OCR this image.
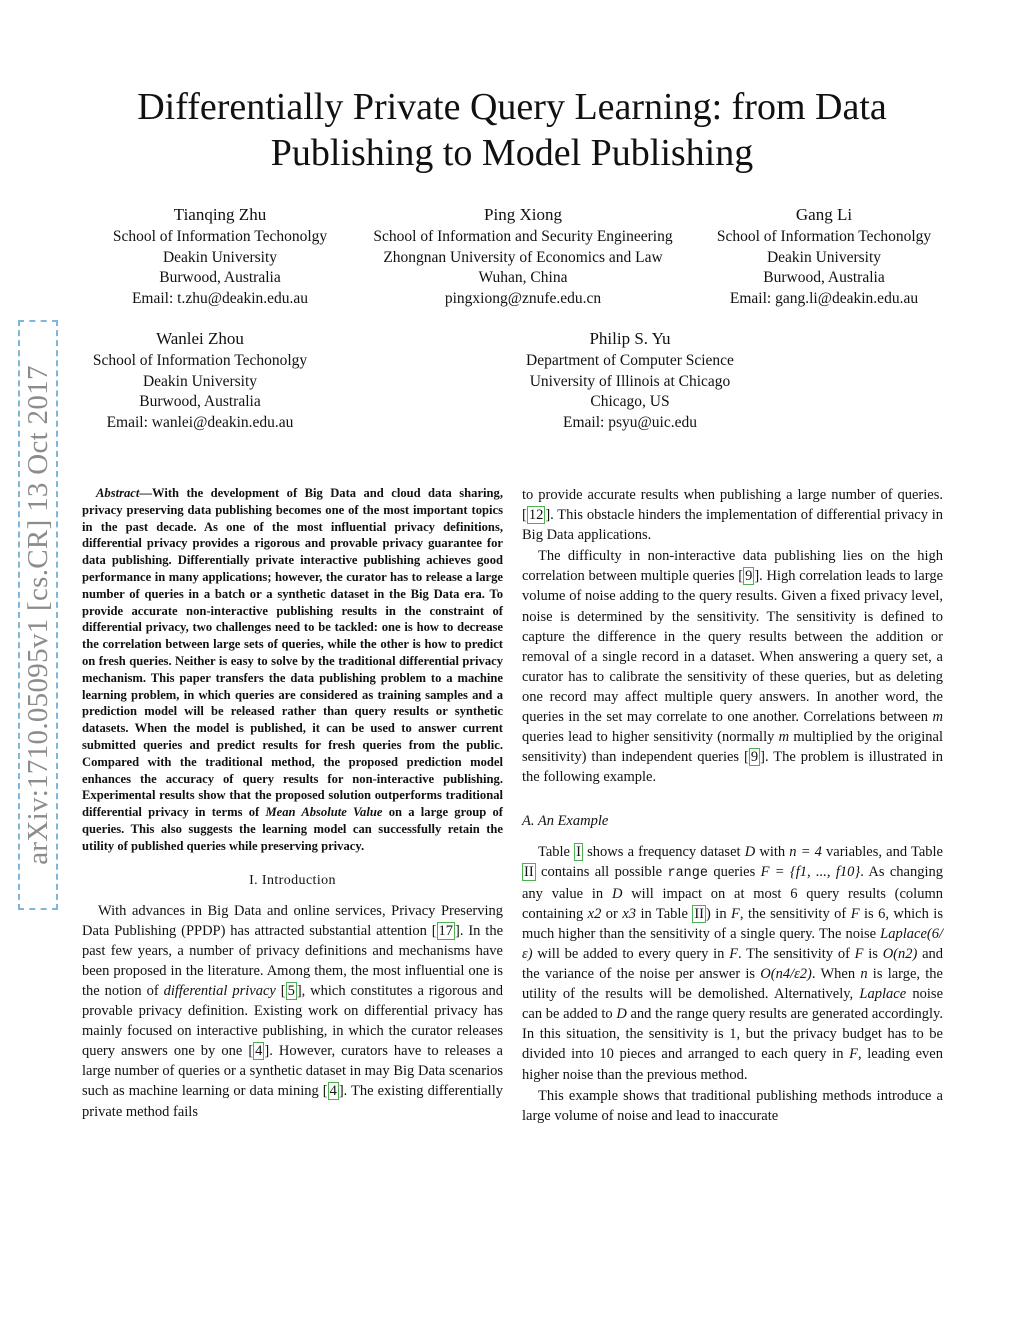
arXiv:1710.05095v1 [cs.CR] 13 Oct 2017
Differentially Private Query Learning: from Data Publishing to Model Publishing
Tianqing Zhu
School of Information Techonolgy
Deakin University
Burwood, Australia
Email: t.zhu@deakin.edu.au
Ping Xiong
School of Information and Security Engineering
Zhongnan University of Economics and Law
Wuhan, China
pingxiong@znufe.edu.cn
Gang Li
School of Information Techonolgy
Deakin University
Burwood, Australia
Email: gang.li@deakin.edu.au
Wanlei Zhou
School of Information Techonolgy
Deakin University
Burwood, Australia
Email: wanlei@deakin.edu.au
Philip S. Yu
Department of Computer Science
University of Illinois at Chicago
Chicago, US
Email: psyu@uic.edu

Abstract—With the development of Big Data and cloud data sharing, privacy preserving data publishing becomes one of the most important topics in the past decade. As one of the most influential privacy definitions, differential privacy provides a rigorous and provable privacy guarantee for data publishing. Differentially private interactive publishing achieves good performance in many applications; however, the curator has to release a large number of queries in a batch or a synthetic dataset in the Big Data era. To provide accurate non-interactive publishing results in the constraint of differential privacy, two challenges need to be tackled: one is how to decrease the correlation between large sets of queries, while the other is how to predict on fresh queries. Neither is easy to solve by the traditional differential privacy mechanism. This paper transfers the data publishing problem to a machine learning problem, in which queries are considered as training samples and a prediction model will be released rather than query results or synthetic datasets. When the model is published, it can be used to answer current submitted queries and predict results for fresh queries from the public. Compared with the traditional method, the proposed prediction model enhances the accuracy of query results for non-interactive publishing. Experimental results show that the proposed solution outperforms traditional differential privacy in terms of Mean Absolute Value on a large group of queries. This also suggests the learning model can successfully retain the utility of published queries while preserving privacy.

I. Introduction

With advances in Big Data and online services, Privacy Preserving Data Publishing (PPDP) has attracted substantial attention [ 17 ]. In the past few years, a number of privacy definitions and mechanisms have been proposed in the literature. Among them, the most influential one is the notion of differential privacy [ 5 ], which constitutes a rigorous and provable privacy definition. Existing work on differential privacy has mainly focused on interactive publishing, in which the curator releases query answers one by one [ 4 ]. However, curators have to releases a large number of queries or a synthetic dataset in may Big Data scenarios such as machine learning or data mining [ 4 ]. The existing differentially private method fails

to provide accurate results when publishing a large number of queries. [ 12 ]. This obstacle hinders the implementation of differential privacy in Big Data applications.

The difficulty in non-interactive data publishing lies on the high correlation between multiple queries [ 9 ]. High correlation leads to large volume of noise adding to the query results. Given a fixed privacy level, noise is determined by the sensitivity. The sensitivity is defined to capture the difference in the query results between the addition or removal of a single record in a dataset. When answering a query set, a curator has to calibrate the sensitivity of these queries, but as deleting one record may affect multiple query answers. In another word, the queries in the set may correlate to one another. Correlations between m queries lead to higher sensitivity (normally m multiplied by the original sensitivity) than independent queries [ 9 ]. The problem is illustrated in the following example.

A. An Example

Table I shows a frequency dataset D with n = 4 variables, and Table II contains all possible range queries F = {f1, ..., f10}. As changing any value in D will impact on at most 6 query results (column containing x2 or x3 in Table II ) in F, the sensitivity of F is 6, which is much higher than the sensitivity of a single query. The noise Laplace(6/ε) will be added to every query in F. The sensitivity of F is O(n2) and the variance of the noise per answer is O(n4/ε2). When n is large, the utility of the results will be demolished. Alternatively, Laplace noise can be added to D and the range query results are generated accordingly. In this situation, the sensitivity is 1, but the privacy budget has to be divided into 10 pieces and arranged to each query in F, leading even higher noise than the previous method.

This example shows that traditional publishing methods introduce a large volume of noise and lead to inaccurate
